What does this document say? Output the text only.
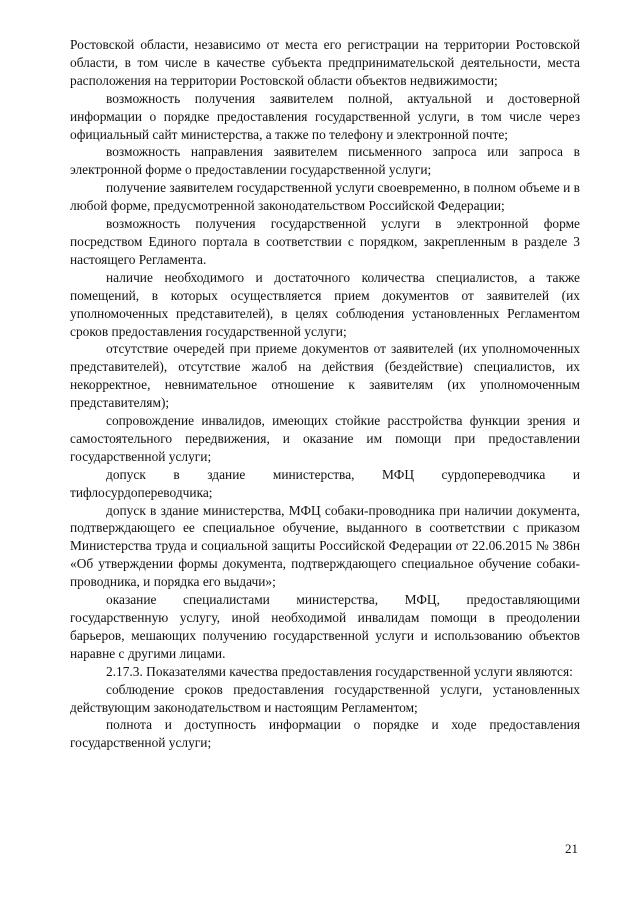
Ростовской области, независимо от места его регистрации на территории Ростовской области, в том числе в качестве субъекта предпринимательской деятельности, места расположения на территории Ростовской области объектов недвижимости;

возможность получения заявителем полной, актуальной и достоверной информации о порядке предоставления государственной услуги, в том числе через официальный сайт министерства, а также по телефону и электронной почте;

возможность направления заявителем письменного запроса или запроса в электронной форме о предоставлении государственной услуги;

получение заявителем государственной услуги своевременно, в полном объеме и в любой форме, предусмотренной законодательством Российской Федерации;

возможность получения государственной услуги в электронной форме посредством Единого портала в соответствии с порядком, закрепленным в разделе 3 настоящего Регламента.

наличие необходимого и достаточного количества специалистов, а также помещений, в которых осуществляется прием документов от заявителей (их уполномоченных представителей), в целях соблюдения установленных Регламентом сроков предоставления государственной услуги;

отсутствие очередей при приеме документов от заявителей (их уполномоченных представителей), отсутствие жалоб на действия (бездействие) специалистов, их некорректное, невнимательное отношение к заявителям (их уполномоченным представителям);

сопровождение инвалидов, имеющих стойкие расстройства функции зрения и самостоятельного передвижения, и оказание им помощи при предоставлении государственной услуги;

допуск в здание министерства, МФЦ сурдопереводчика и тифлосурдопереводчика;

допуск в здание министерства, МФЦ собаки-проводника при наличии документа, подтверждающего ее специальное обучение, выданного в соответствии с приказом Министерства труда и социальной защиты Российской Федерации от 22.06.2015 № 386н «Об утверждении формы документа, подтверждающего специальное обучение собаки-проводника, и порядка его выдачи»;

оказание специалистами министерства, МФЦ, предоставляющими государственную услугу, иной необходимой инвалидам помощи в преодолении барьеров, мешающих получению государственной услуги и использованию объектов наравне с другими лицами.

2.17.3. Показателями качества предоставления государственной услуги являются:

соблюдение сроков предоставления государственной услуги, установленных действующим законодательством и настоящим Регламентом;

полнота и доступность информации о порядке и ходе предоставления государственной услуги;

21
